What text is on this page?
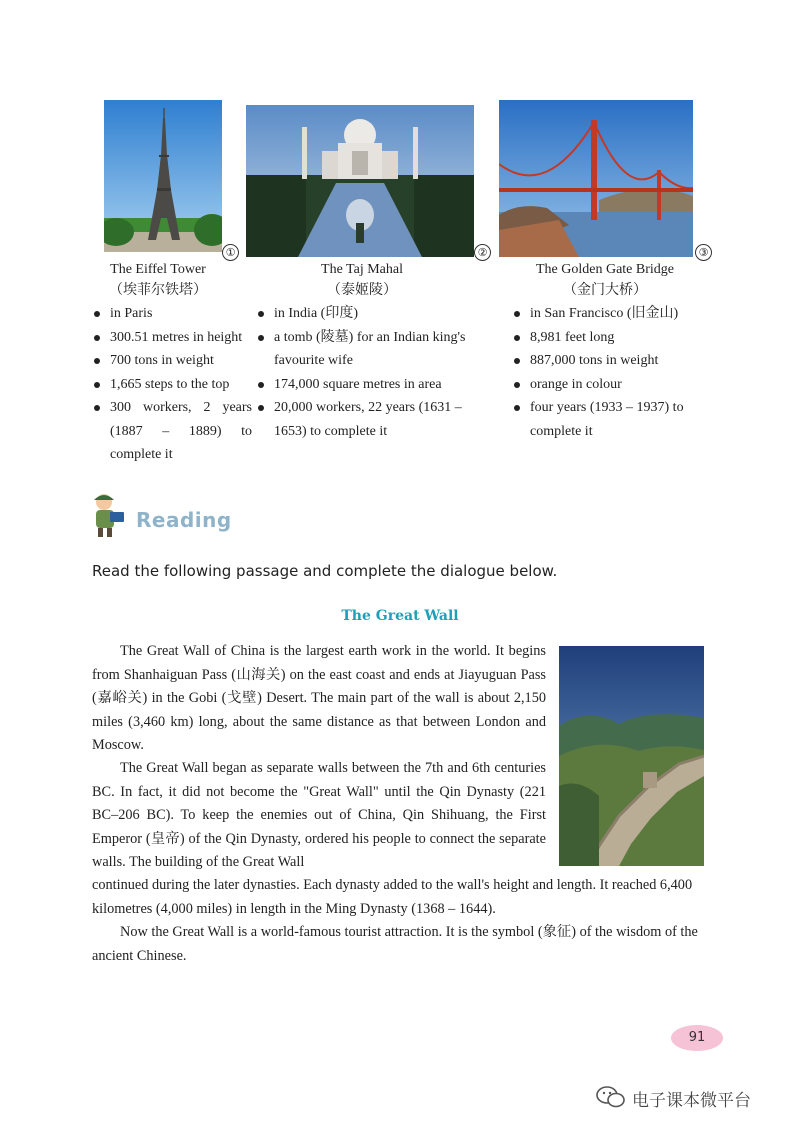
①	②	③
The Eiffel Tower
（埃菲尔铁塔）
The Taj Mahal
（泰姬陵）
The Golden Gate Bridge
（金门大桥）
in Paris
300.51 metres in height
700 tons in weight
1,665 steps to the top
300 workers, 2 years (1887 – 1889) to complete it
in India (印度)
a tomb (陵墓) for an Indian king's favourite wife
174,000 square metres in area
20,000 workers, 22 years (1631 – 1653) to complete it
in San Francisco (旧金山)
8,981 feet long
887,000 tons in weight
orange in colour
four years (1933 – 1937) to complete it
Reading
Read the following passage and complete the dialogue below.
The Great Wall

The Great Wall of China is the largest earth work in the world. It begins from Shanhaiguan Pass (山海关) on the east coast and ends at Jiayuguan Pass (嘉峪关) in the Gobi (戈壁) Desert. The main part of the wall is about 2,150 miles (3,460 km) long, about the same distance as that between London and Moscow.

The Great Wall began as separate walls between the 7th and 6th centuries BC. In fact, it did not become the "Great Wall" until the Qin Dynasty (221 BC–206 BC). To keep the enemies out of China, Qin Shihuang, the First Emperor (皇帝) of the Qin Dynasty, ordered his people to connect the separate walls. The building of the Great Wall

continued during the later dynasties. Each dynasty added to the wall's height and length. It reached 6,400 kilometres (4,000 miles) in length in the Ming Dynasty (1368 – 1644).

Now the Great Wall is a world-famous tourist attraction. It is the symbol (象征) of the wisdom of the ancient Chinese.

91
电子课本微平台
